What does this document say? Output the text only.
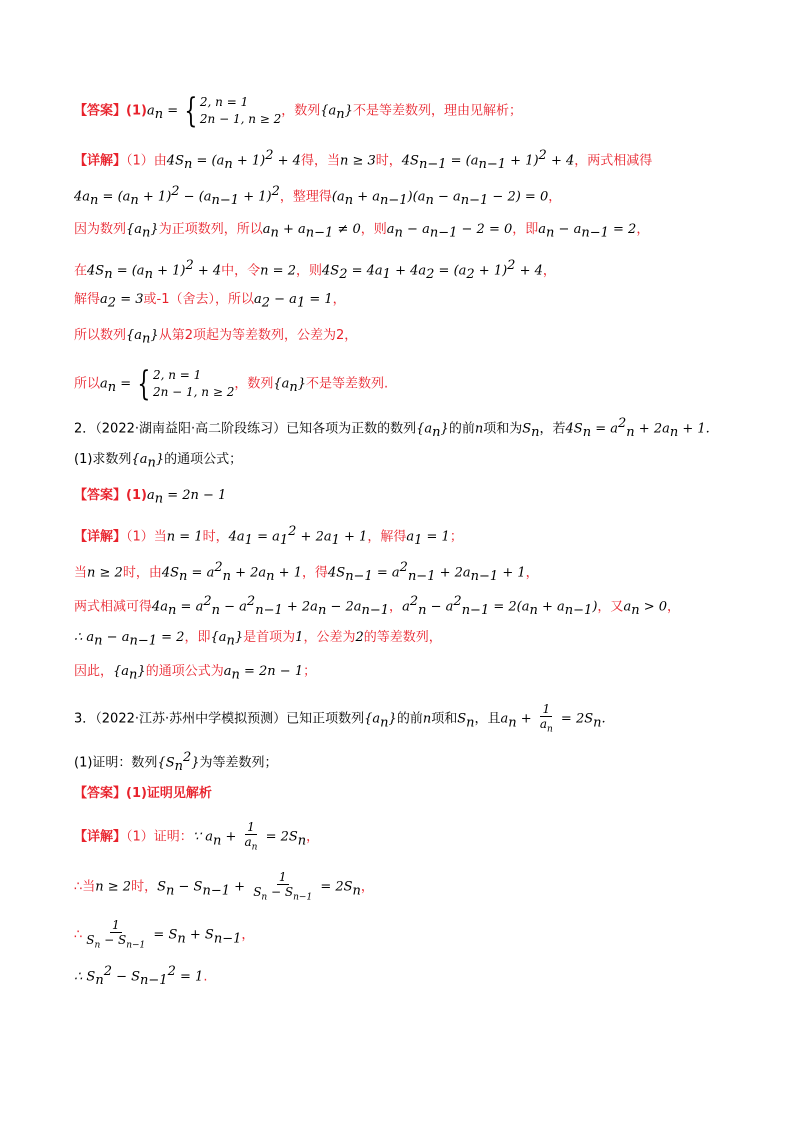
【答案】$(1)a_n$ = { 2, n = 1
2n − 1, n ≥ 2
，数列$\{a_n\}$不是等差数列，理由见解析；
【详解】（1）由$4S_n = (a_n + 1)^2 + 4$得，当n ≥ 3时，$4S_{n-1} = (a_{n-1} + 1)^2 + 4$，两式相减得
$4a_n = (a_n + 1)^2 - (a_{n-1} + 1)^2$，整理得$(a_n + a_{n-1})(a_n - a_{n-1} - 2) = 0$，
因为数列$\{a_n\}$为正项数列，所以$a_n + a_{n-1} \ne 0$，则$a_n - a_{n-1} - 2 = 0$，即$a_n - a_{n-1} = 2$，
在$4S_n = (a_n + 1)^2 + 4$中，令n = 2，则$4S_2 = 4a_1 + 4a_2 = (a_2 + 1)^2 + 4$，
解得$a_2 = 3$或-1（舍去），所以$a_2 - a_1 = 1$，
所以数列$\{a_n\}$从第2项起为等差数列，公差为2，
所以$a_n$ = { 2, n = 1
2n − 1, n ≥ 2
，数列$\{a_n\}$不是等差数列.
2．（2022·湖南益阳·高二阶段练习）已知各项为正数的数列$\{a_n\}$的前n项和为$S_n$，若$4S_n = a^2_n + 2a_n + 1$.
(1)求数列$\{a_n\}$的通项公式；
【答案】$(1)a_n = 2n - 1$
【详解】（1）当n = 1时，$4a_1 = a_1^2 + 2a_1 + 1$，解得$a_1 = 1$；
当n ≥ 2时，由$4S_n = a^2_n + 2a_n + 1$，得$4S_{n-1} = a^2_{n-1} + 2a_{n-1} + 1$，
两式相减可得$4a_n = a^2_n - a^2_{n-1} + 2a_n - 2a_{n-1}$，$a^2_n - a^2_{n-1} = 2(a_n + a_{n-1})$，又$a_n > 0$，
∴ $a_n - a_{n-1} = 2$，即$\{a_n\}$是首项为1，公差为2的等差数列，
因此，$\{a_n\}$的通项公式为$a_n = 2n - 1$；
3．（2022·江苏·苏州中学模拟预测）已知正项数列$\{a_n\}$的前n项和$S_n$，且$a_n + \frac{1}{a_n} = 2S_n$.
(1)证明：数列$\{S_n^2\}$为等差数列；
【答案】(1)证明见解析
【详解】（1）证明：∵ $a_n + \frac{1}{a_n} = 2S_n$，
∴当n ≥ 2时，$S_n - S_{n-1} + \frac{1}{S_n - S_{n-1}} = 2S_n$，
∴ $\frac{1}{S_n - S_{n-1}} = S_n + S_{n-1}$，
∴ $S_n^2 - S_{n-1}^2 = 1$.
